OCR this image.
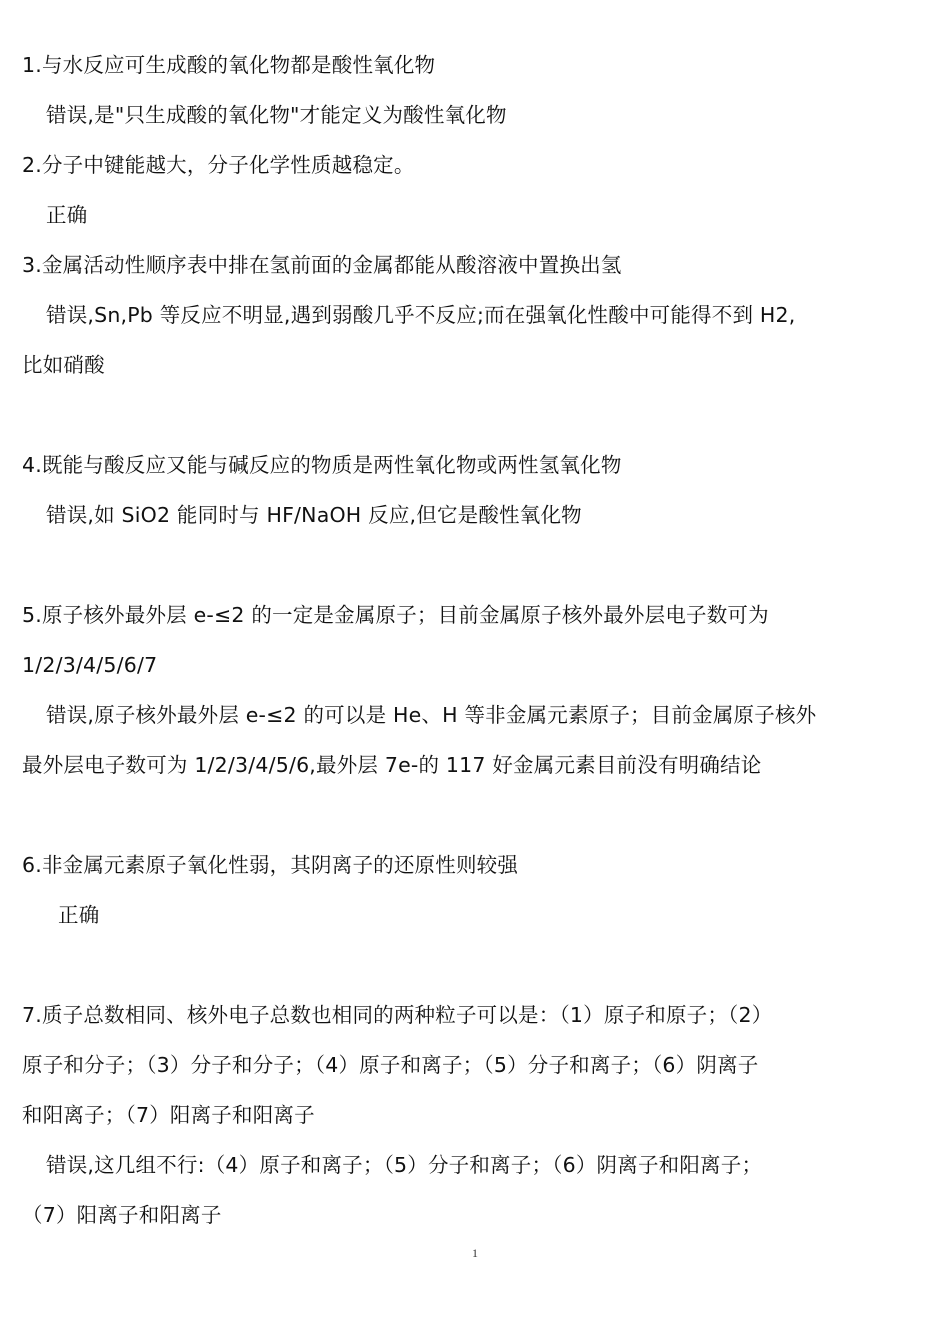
1.与水反应可生成酸的氧化物都是酸性氧化物
错误,是"只生成酸的氧化物"才能定义为酸性氧化物
2.分子中键能越大，分子化学性质越稳定。
正确
3.金属活动性顺序表中排在氢前面的金属都能从酸溶液中置换出氢
错误,Sn,Pb 等反应不明显,遇到弱酸几乎不反应;而在强氧化性酸中可能得不到 H2,
比如硝酸
4.既能与酸反应又能与碱反应的物质是两性氧化物或两性氢氧化物
错误,如 SiO2 能同时与 HF/NaOH 反应,但它是酸性氧化物
5.原子核外最外层 e-≤2 的一定是金属原子；目前金属原子核外最外层电子数可为
1/2/3/4/5/6/7
错误,原子核外最外层 e-≤2 的可以是 He、H 等非金属元素原子；目前金属原子核外
最外层电子数可为 1/2/3/4/5/6,最外层 7e-的 117 好金属元素目前没有明确结论
6.非金属元素原子氧化性弱，其阴离子的还原性则较强
正确
7.质子总数相同、核外电子总数也相同的两种粒子可以是：（1）原子和原子；（2）
原子和分子；（3）分子和分子；（4）原子和离子；（5）分子和离子；（6）阴离子
和阳离子；（7）阳离子和阳离子
错误,这几组不行:（4）原子和离子；（5）分子和离子；（6）阴离子和阳离子；
（7）阳离子和阳离子
1
